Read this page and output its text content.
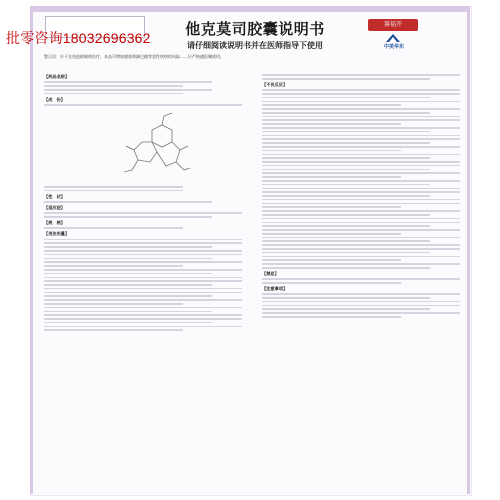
他克莫司胶囊说明书
请仔细阅读说明书并在医师指导下使用
赛福开
中美华东
警示语：应于在免疫抑制剂治疗、本品可增加感染和淋巴瘤等恶性疾病的风险……应严格遵医嘱使用。
批零咨询18032696362
【药品名称】
【成　份】
【性　状】
【适应症】
【规　格】
【用法用量】
【不良反应】
【禁忌】
【注意事项】
